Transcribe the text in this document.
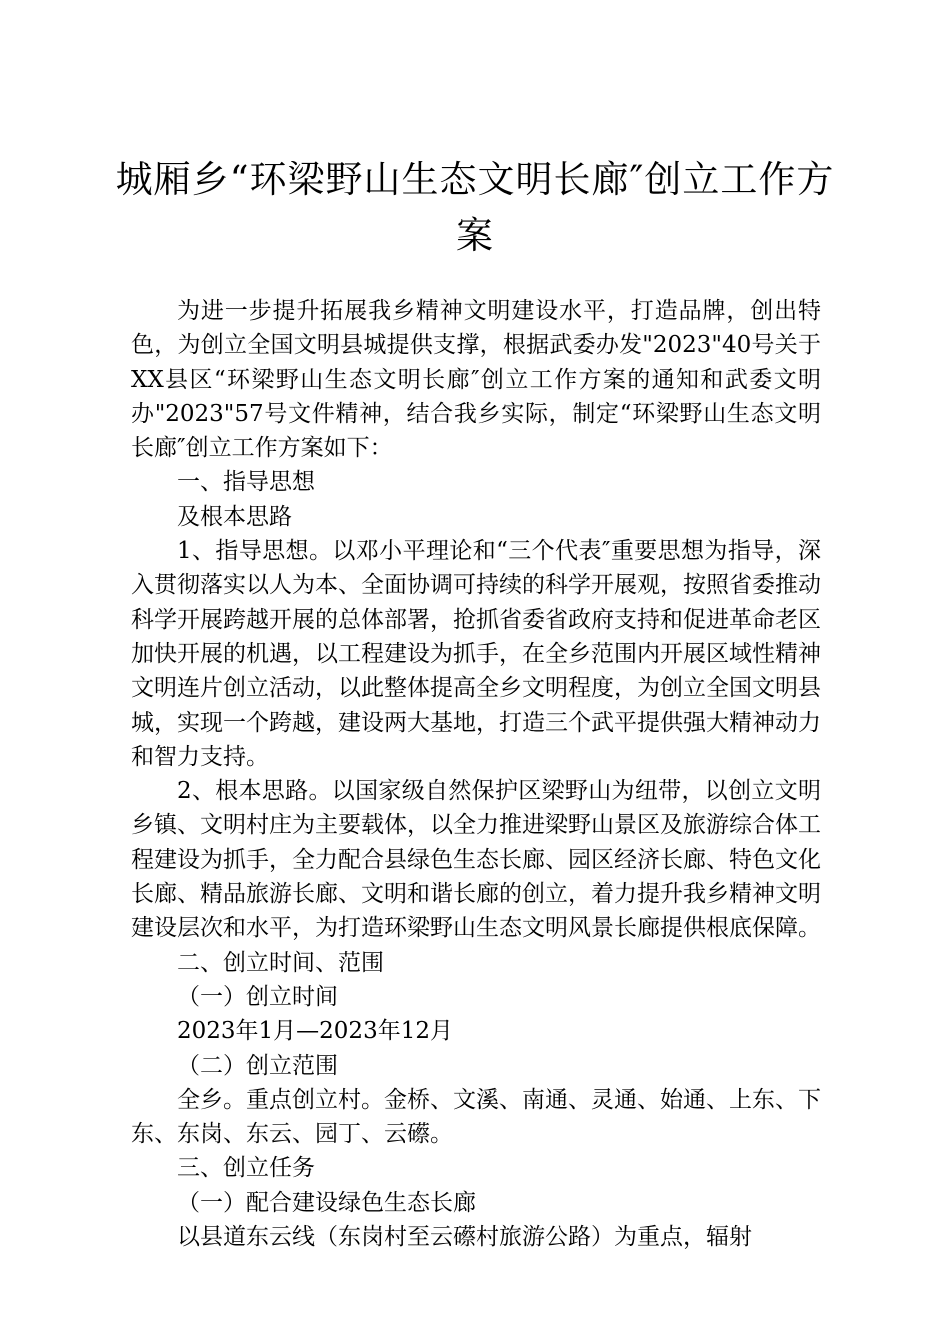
城厢乡“环梁野山生态文明长廊″创立工作方案

为进一步提升拓展我乡精神文明建设水平，打造品牌，创出特色，为创立全国文明县城提供支撑，根据武委办发"2023"40号关于XX县区“环梁野山生态文明长廊″创立工作方案的通知和武委文明办"2023"57号文件精神，结合我乡实际，制定“环梁野山生态文明长廊″创立工作方案如下：

一、指导思想

及根本思路

1、指导思想。以邓小平理论和“三个代表″重要思想为指导，深入贯彻落实以人为本、全面协调可持续的科学开展观，按照省委推动科学开展跨越开展的总体部署，抢抓省委省政府支持和促进革命老区加快开展的机遇，以工程建设为抓手，在全乡范围内开展区域性精神文明连片创立活动，以此整体提高全乡文明程度，为创立全国文明县城，实现一个跨越，建设两大基地，打造三个武平提供强大精神动力和智力支持。

2、根本思路。以国家级自然保护区梁野山为纽带，以创立文明乡镇、文明村庄为主要载体，以全力推进梁野山景区及旅游综合体工程建设为抓手，全力配合县绿色生态长廊、园区经济长廊、特色文化长廊、精品旅游长廊、文明和谐长廊的创立，着力提升我乡精神文明建设层次和水平，为打造环梁野山生态文明风景长廊提供根底保障。

二、创立时间、范围

（一）创立时间

2023年1月—2023年12月

（二）创立范围

全乡。重点创立村。金桥、文溪、南通、灵通、始通、上东、下东、东岗、东云、园丁、云礤。

三、创立任务

（一）配合建设绿色生态长廊

以县道东云线（东岗村至云礤村旅游公路）为重点，辐射
